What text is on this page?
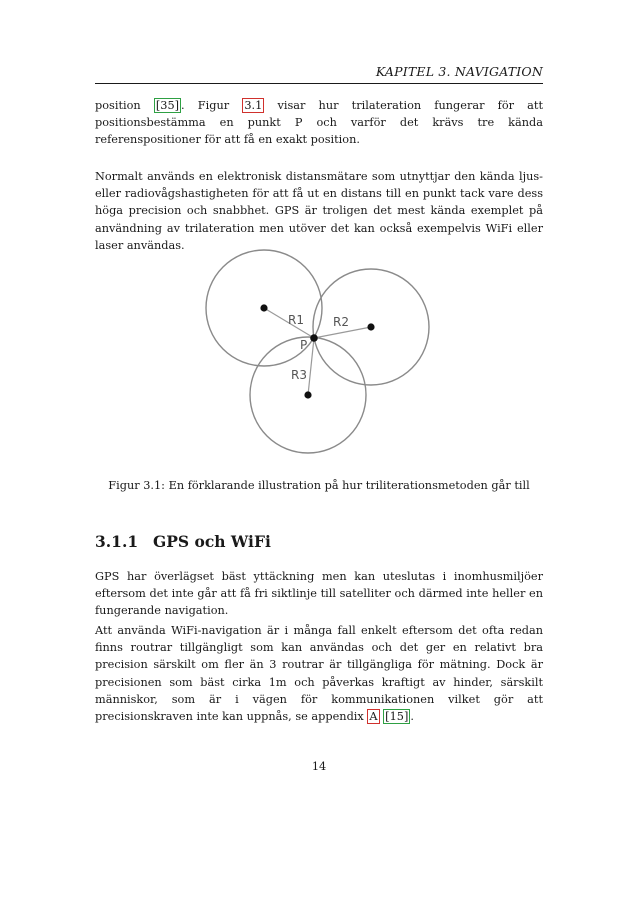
KAPITEL 3. NAVIGATION

position [35] . Figur 3.1 visar hur trilateration fungerar för att positionsbestämma en punkt P och varför det krävs tre kända referenspositioner för att få en exakt position.

Normalt används en elektronisk distansmätare som utnyttjar den kända ljus- eller radiovågshastigheten för att få ut en distans till en punkt tack vare dess höga precision och snabbhet. GPS är troligen det mest kända exemplet på användning av trilateration men utöver det kan också exempelvis WiFi eller laser användas.

R1 R2
R3
P

Figur 3.1: En förklarande illustration på hur triliterationsmetoden går till

3.1.1 GPS och WiFi

GPS har överlägset bäst yttäckning men kan uteslutas i inomhusmiljöer eftersom det inte går att få fri siktlinje till satelliter och därmed inte heller en fungerande navigation.

Att använda WiFi-navigation är i många fall enkelt eftersom det ofta redan finns routrar tillgängligt som kan användas och det ger en relativt bra precision särskilt om fler än 3 routrar är tillgängliga för mätning. Dock är precisionen som bäst cirka 1m och påverkas kraftigt av hinder, särskilt människor, som är i vägen för kommunikationen vilket gör att precisionskraven inte kan uppnås, se appendix A [15] .

14
